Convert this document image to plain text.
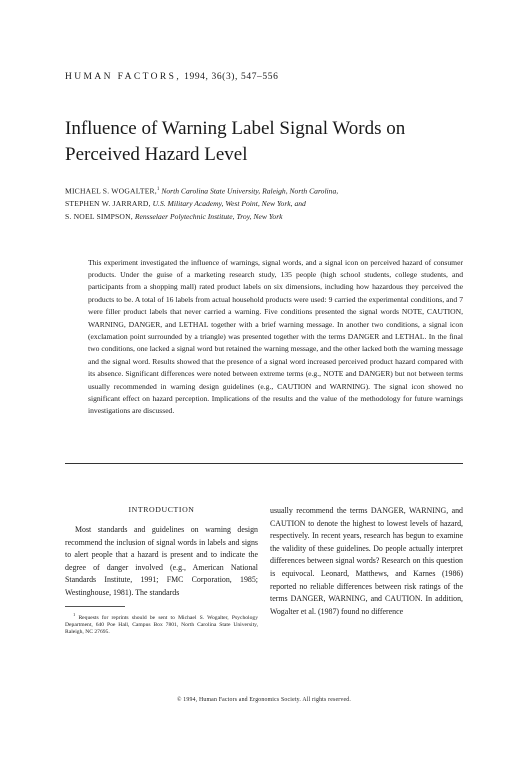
HUMAN FACTORS, 1994, 36(3), 547–556
Influence of Warning Label Signal Words on
Perceived Hazard Level
MICHAEL S. WOGALTER,$^1$ North Carolina State University, Raleigh, North Carolina,
STEPHEN W. JARRARD, U.S. Military Academy, West Point, New York, and
S. NOEL SIMPSON, Rensselaer Polytechnic Institute, Troy, New York

This experiment investigated the influence of warnings, signal words, and a signal icon on perceived hazard of consumer products. Under the guise of a marketing research study, 135 people (high school students, college students, and participants from a shopping mall) rated product labels on six dimensions, including how hazardous they perceived the products to be. A total of 16 labels from actual household products were used: 9 carried the experimental conditions, and 7 were filler product labels that never carried a warning. Five conditions presented the signal words NOTE, CAUTION, WARNING, DANGER, and LETHAL together with a brief warning message. In another two conditions, a signal icon (exclamation point surrounded by a triangle) was presented together with the terms DANGER and LETHAL. In the final two conditions, one lacked a signal word but retained the warning message, and the other lacked both the warning message and the signal word. Results showed that the presence of a signal word increased perceived product hazard compared with its absence. Significant differences were noted between extreme terms (e.g., NOTE and DANGER) but not between terms usually recommended in warning design guidelines (e.g., CAUTION and WARNING). The signal icon showed no significant effect on hazard perception. Implications of the results and the value of the methodology for future warnings investigations are discussed.

INTRODUCTION

Most standards and guidelines on warning design recommend the inclusion of signal words in labels and signs to alert people that a hazard is present and to indicate the degree of danger involved (e.g., American National Standards Institute, 1991; FMC Corporation, 1985; Westinghouse, 1981). The standards

$^1$ Requests for reprints should be sent to Michael S. Wogalter, Psychology Department, 640 Poe Hall, Campus Box 7801, North Carolina State University, Raleigh, NC 27695.

usually recommend the terms DANGER, WARNING, and CAUTION to denote the highest to lowest levels of hazard, respectively. In recent years, research has begun to examine the validity of these guidelines. Do people actually interpret differences between signal words? Research on this question is equivocal. Leonard, Matthews, and Karnes (1986) reported no reliable differences between risk ratings of the terms DANGER, WARNING, and CAUTION. In addition, Wogalter et al. (1987) found no difference

© 1994, Human Factors and Ergonomics Society. All rights reserved.
